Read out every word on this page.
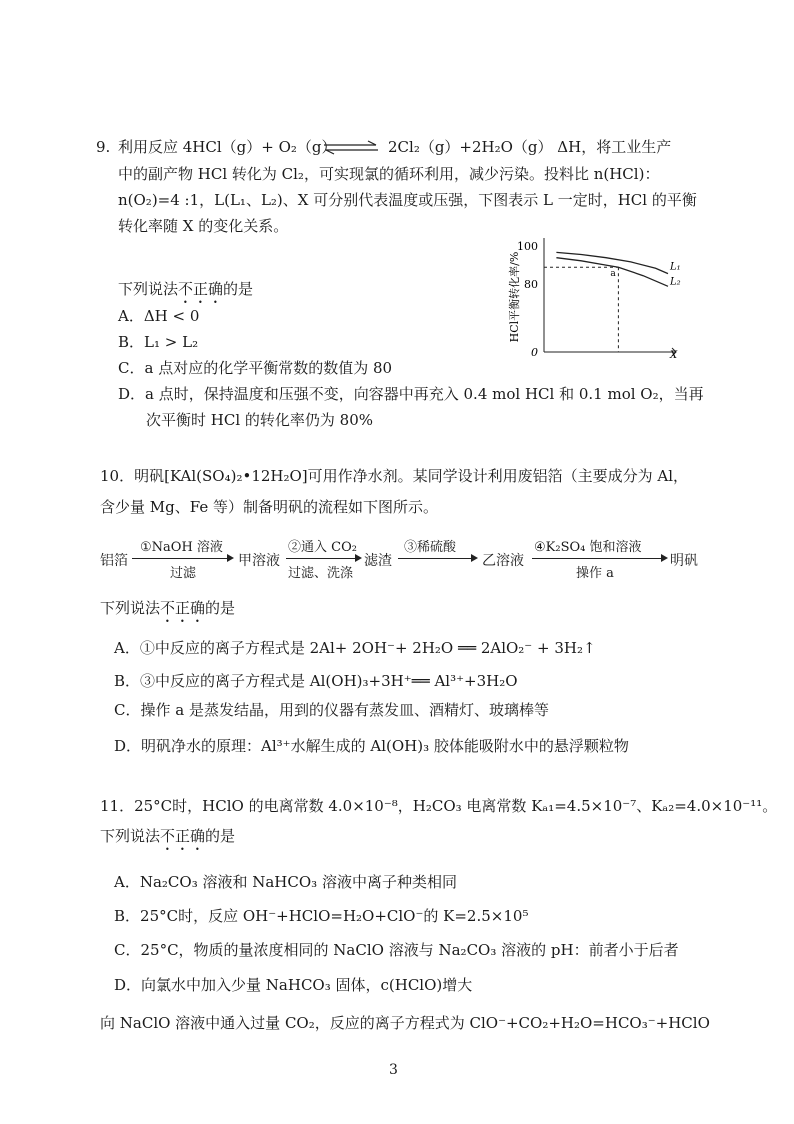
9. 利用反应 4HCl（g）+ O₂（g） ⇌ 2Cl₂（g）+2H₂O（g） ΔH，将工业生产
中的副产物 HCl 转化为 Cl₂，可实现氯的循环利用，减少污染。投料比 n(HCl)：
n(O₂)=4 :1，L(L₁、L₂)、X 可分别代表温度或压强，下图表示 L 一定时，HCl 的平衡
转化率随 X 的变化关系。
下列说法不正确的是
A．ΔH < 0
B．L₁ > L₂
C．a 点对应的化学平衡常数的数值为 80
D．a 点时，保持温度和压强不变，向容器中再充入 0.4 mol HCl 和 0.1 mol O₂，当再
次平衡时 HCl 的转化率仍为 80%
HCl平衡转化率/%
100
80
0	X
L₁
L₂
a
10．明矾[KAl(SO₄)₂•12H₂O]可用作净水剂。某同学设计利用废铝箔（主要成分为 Al，
含少量 Mg、Fe 等）制备明矾的流程如下图所示。
铝箔
①NaOH 溶液
过滤
甲溶液
②通入 CO₂
过滤、洗涤
滤渣
③稀硫酸
乙溶液
④K₂SO₄ 饱和溶液
操作 a
明矾
下列说法不正确的是
A．①中反应的离子方程式是 2Al+ 2OH⁻+ 2H₂O ══ 2AlO₂⁻ + 3H₂↑
B．③中反应的离子方程式是 Al(OH)₃+3H⁺══ Al³⁺+3H₂O
C．操作 a 是蒸发结晶，用到的仪器有蒸发皿、酒精灯、玻璃棒等
D．明矾净水的原理：Al³⁺水解生成的 Al(OH)₃ 胶体能吸附水中的悬浮颗粒物
11．25°C时，HClO 的电离常数 4.0×10⁻⁸，H₂CO₃ 电离常数 Kₐ₁=4.5×10⁻⁷、Kₐ₂=4.0×10⁻¹¹。
下列说法不正确的是
A．Na₂CO₃ 溶液和 NaHCO₃ 溶液中离子种类相同
B．25°C时，反应 OH⁻+HClO=H₂O+ClO⁻的 K=2.5×10⁵
C．25°C，物质的量浓度相同的 NaClO 溶液与 Na₂CO₃ 溶液的 pH：前者小于后者
D．向氯水中加入少量 NaHCO₃ 固体，c(HClO)增大
向 NaClO 溶液中通入过量 CO₂，反应的离子方程式为 ClO⁻+CO₂+H₂O=HCO₃⁻+HClO
3
